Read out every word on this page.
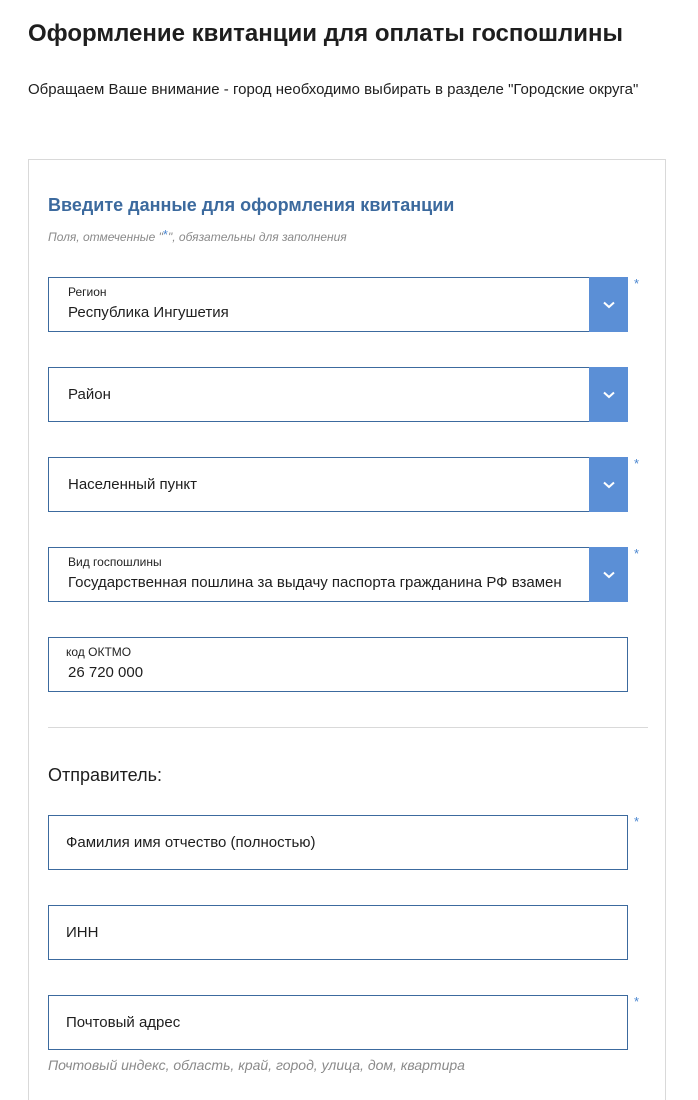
Оформление квитанции для оплаты госпошлины
Обращаем Ваше внимание - город необходимо выбирать в разделе "Городские округа"
Введите данные для оформления квитанции
Поля, отмеченные "*", обязательны для заполнения
Регион
Республика Ингушетия
*
Район
Населенный пункт
*
Вид госпошлины
Государственная пошлина за выдачу паспорта гражданина РФ взамен
*
код ОКТМО
26 720 000
Отправитель:
Фамилия имя отчество (полностью)
*
ИНН
Почтовый адрес
*
Почтовый индекс, область, край, город, улица, дом, квартира
